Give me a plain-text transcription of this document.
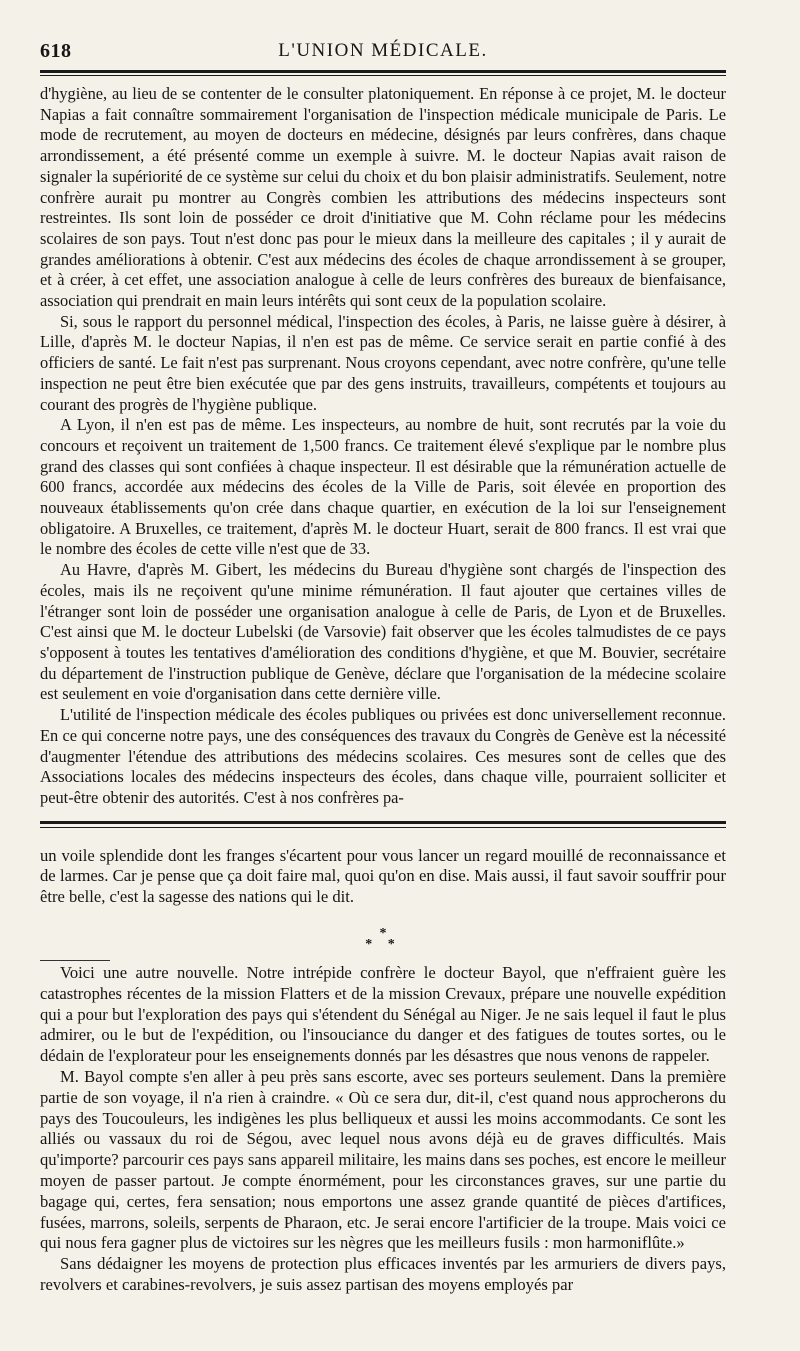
618	L'UNION MÉDICALE.

d'hygiène, au lieu de se contenter de le consulter platoniquement. En réponse à ce projet, M. le docteur Napias a fait connaître sommairement l'organisation de l'inspection médicale municipale de Paris. Le mode de recrutement, au moyen de docteurs en médecine, désignés par leurs confrères, dans chaque arrondissement, a été présenté comme un exemple à suivre. M. le docteur Napias avait raison de signaler la supériorité de ce système sur celui du choix et du bon plaisir administratifs. Seulement, notre confrère aurait pu montrer au Congrès combien les attributions des médecins inspecteurs sont restreintes. Ils sont loin de posséder ce droit d'initiative que M. Cohn réclame pour les médecins scolaires de son pays. Tout n'est donc pas pour le mieux dans la meilleure des capitales ; il y aurait de grandes améliorations à obtenir. C'est aux médecins des écoles de chaque arrondissement à se grouper, et à créer, à cet effet, une association analogue à celle de leurs confrères des bureaux de bienfaisance, association qui prendrait en main leurs intérêts qui sont ceux de la population scolaire.

Si, sous le rapport du personnel médical, l'inspection des écoles, à Paris, ne laisse guère à désirer, à Lille, d'après M. le docteur Napias, il n'en est pas de même. Ce service serait en partie confié à des officiers de santé. Le fait n'est pas surprenant. Nous croyons cependant, avec notre confrère, qu'une telle inspection ne peut être bien exécutée que par des gens instruits, travailleurs, compétents et toujours au courant des progrès de l'hygiène publique.

A Lyon, il n'en est pas de même. Les inspecteurs, au nombre de huit, sont recrutés par la voie du concours et reçoivent un traitement de 1,500 francs. Ce traitement élevé s'explique par le nombre plus grand des classes qui sont confiées à chaque inspecteur. Il est désirable que la rémunération actuelle de 600 francs, accordée aux médecins des écoles de la Ville de Paris, soit élevée en proportion des nouveaux établissements qu'on crée dans chaque quartier, en exécution de la loi sur l'enseignement obligatoire. A Bruxelles, ce traitement, d'après M. le docteur Huart, serait de 800 francs. Il est vrai que le nombre des écoles de cette ville n'est que de 33.

Au Havre, d'après M. Gibert, les médecins du Bureau d'hygiène sont chargés de l'inspection des écoles, mais ils ne reçoivent qu'une minime rémunération. Il faut ajouter que certaines villes de l'étranger sont loin de posséder une organisation analogue à celle de Paris, de Lyon et de Bruxelles. C'est ainsi que M. le docteur Lubelski (de Varsovie) fait observer que les écoles talmudistes de ce pays s'opposent à toutes les tentatives d'amélioration des conditions d'hygiène, et que M. Bouvier, secrétaire du département de l'instruction publique de Genève, déclare que l'organisation de la médecine scolaire est seulement en voie d'organisation dans cette dernière ville.

L'utilité de l'inspection médicale des écoles publiques ou privées est donc universellement reconnue. En ce qui concerne notre pays, une des conséquences des travaux du Congrès de Genève est la nécessité d'augmenter l'étendue des attributions des médecins scolaires. Ces mesures sont de celles que des Associations locales des médecins inspecteurs des écoles, dans chaque ville, pourraient solliciter et peut-être obtenir des autorités. C'est à nos confrères pa-

un voile splendide dont les franges s'écartent pour vous lancer un regard mouillé de reconnaissance et de larmes. Car je pense que ça doit faire mal, quoi qu'on en dise. Mais aussi, il faut savoir souffrir pour être belle, c'est la sagesse des nations qui le dit.

*
* *

Voici une autre nouvelle. Notre intrépide confrère le docteur Bayol, que n'effraient guère les catastrophes récentes de la mission Flatters et de la mission Crevaux, prépare une nouvelle expédition qui a pour but l'exploration des pays qui s'étendent du Sénégal au Niger. Je ne sais lequel il faut le plus admirer, ou le but de l'expédition, ou l'insouciance du danger et des fatigues de toutes sortes, ou le dédain de l'explorateur pour les enseignements donnés par les désastres que nous venons de rappeler.

M. Bayol compte s'en aller à peu près sans escorte, avec ses porteurs seulement. Dans la première partie de son voyage, il n'a rien à craindre. « Où ce sera dur, dit-il, c'est quand nous approcherons du pays des Toucouleurs, les indigènes les plus belliqueux et aussi les moins accommodants. Ce sont les alliés ou vassaux du roi de Ségou, avec lequel nous avons déjà eu de graves difficultés. Mais qu'importe? parcourir ces pays sans appareil militaire, les mains dans ses poches, est encore le meilleur moyen de passer partout. Je compte énormément, pour les circonstances graves, sur une partie du bagage qui, certes, fera sensation; nous emportons une assez grande quantité de pièces d'artifices, fusées, marrons, soleils, serpents de Pharaon, etc. Je serai encore l'artificier de la troupe. Mais voici ce qui nous fera gagner plus de victoires sur les nègres que les meilleurs fusils : mon harmoniflûte.»

Sans dédaigner les moyens de protection plus efficaces inventés par les armuriers de divers pays, revolvers et carabines-revolvers, je suis assez partisan des moyens employés par
